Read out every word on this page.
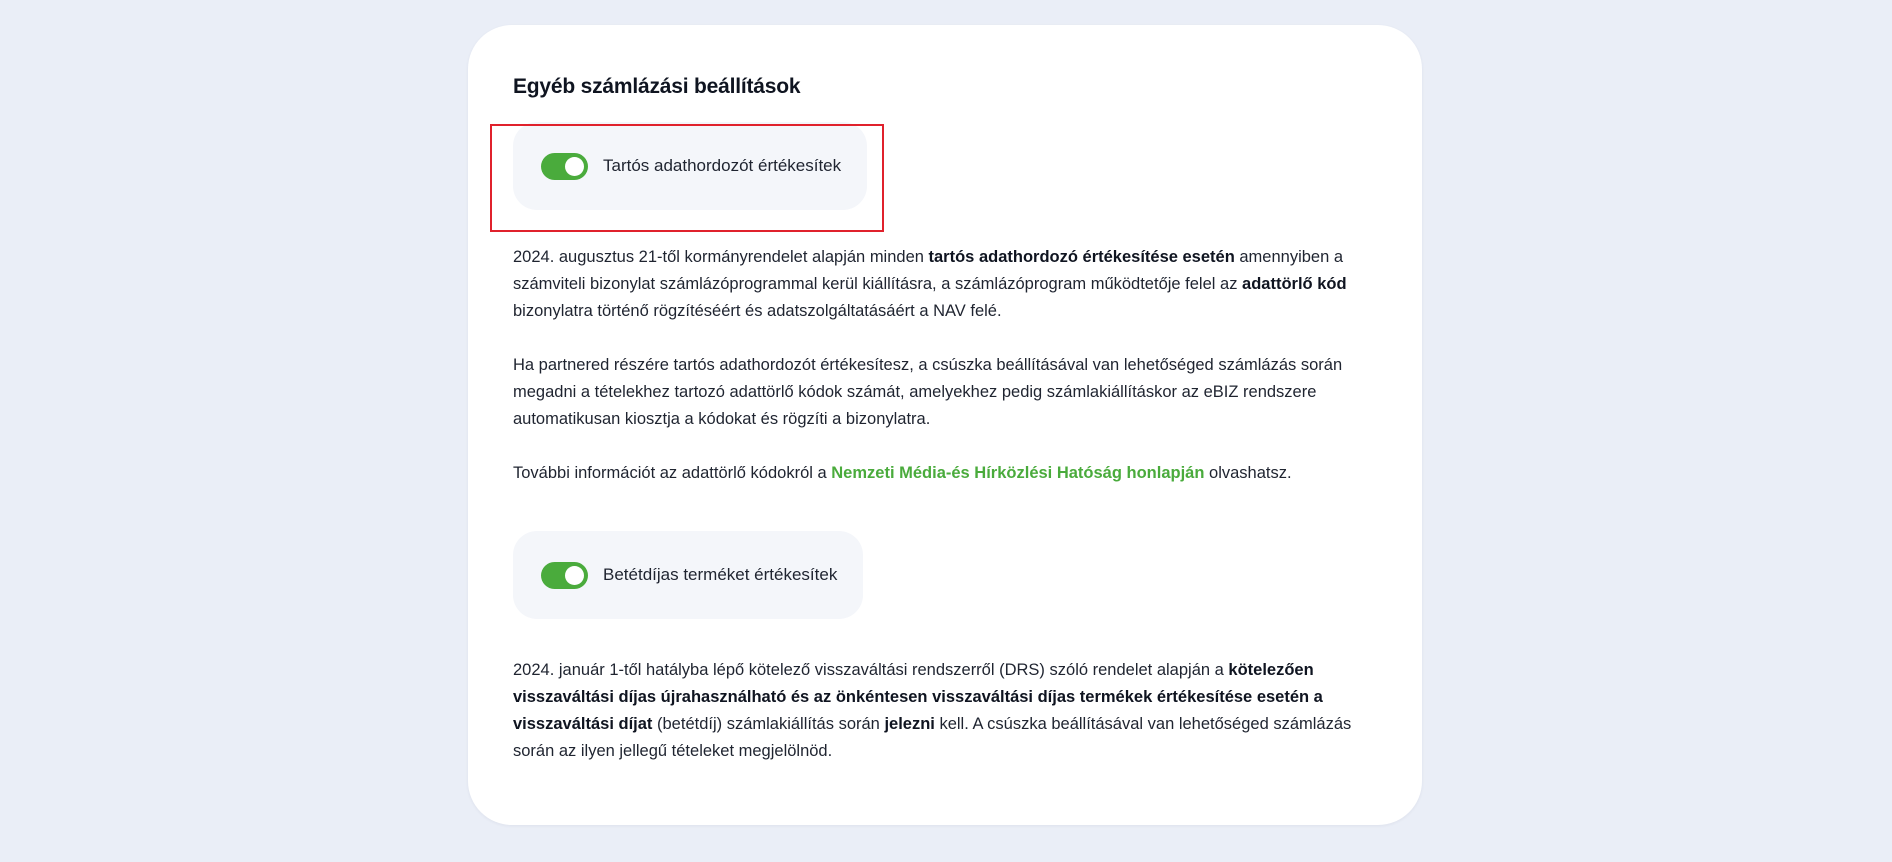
Egyéb számlázási beállítások
Tartós adathordozót értékesítek

2024. augusztus 21-től kormányrendelet alapján minden tartós adathordozó értékesítése esetén amennyiben a számviteli bizonylat számlázóprogrammal kerül kiállításra, a számlázóprogram működtetője felel az adattörlő kód bizonylatra történő rögzítéséért és adatszolgáltatásáért a NAV felé.

Ha partnered részére tartós adathordozót értékesítesz, a csúszka beállításával van lehetőséged számlázás során megadni a tételekhez tartozó adattörlő kódok számát, amelyekhez pedig számlakiállításkor az eBIZ rendszere automatikusan kiosztja a kódokat és rögzíti a bizonylatra.

További információt az adattörlő kódokról a Nemzeti Média-és Hírközlési Hatóság honlapján olvashatsz.

Betétdíjas terméket értékesítek

2024. január 1-től hatályba lépő kötelező visszaváltási rendszerről (DRS) szóló rendelet alapján a kötelezően visszaváltási díjas újrahasználható és az önkéntesen visszaváltási díjas termékek értékesítése esetén a visszaváltási díjat (betétdíj) számlakiállítás során jelezni kell. A csúszka beállításával van lehetőséged számlázás során az ilyen jellegű tételeket megjelölnöd.
